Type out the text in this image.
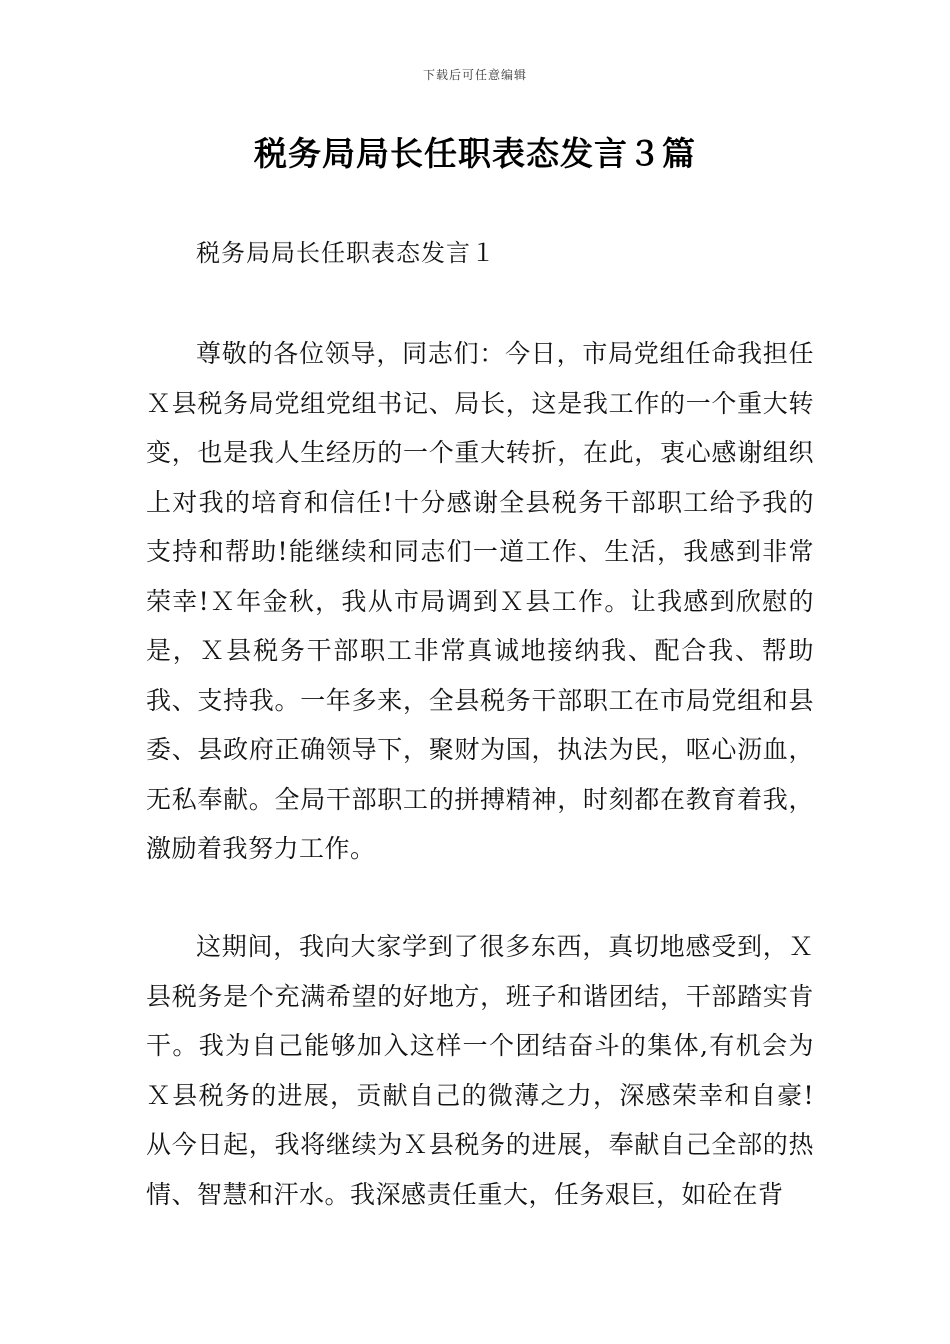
下载后可任意编辑
税务局局长任职表态发言３篇

税务局局长任职表态发言１

尊敬的各位领导，同志们：今日，市局党组任命我担任Ｘ县税务局党组党组书记、局长，这是我工作的一个重大转变，也是我人生经历的一个重大转折，在此，衷心感谢组织上对我的培育和信任!十分感谢全县税务干部职工给予我的支持和帮助!能继续和同志们一道工作、生活，我感到非常荣幸!Ｘ年金秋，我从市局调到Ｘ县工作。让我感到欣慰的是，Ｘ县税务干部职工非常真诚地接纳我、配合我、帮助我、支持我。一年多来，全县税务干部职工在市局党组和县委、县政府正确领导下，聚财为国，执法为民，呕心沥血，无私奉献。全局干部职工的拼搏精神，时刻都在教育着我，激励着我努力工作。

这期间，我向大家学到了很多东西，真切地感受到，Ｘ县税务是个充满希望的好地方，班子和谐团结，干部踏实肯干。我为自己能够加入这样一个团结奋斗的集体,有机会为Ｘ县税务的进展，贡献自己的微薄之力，深感荣幸和自豪!从今日起，我将继续为Ｘ县税务的进展，奉献自己全部的热情、智慧和汗水。我深感责任重大，任务艰巨，如砼在背
